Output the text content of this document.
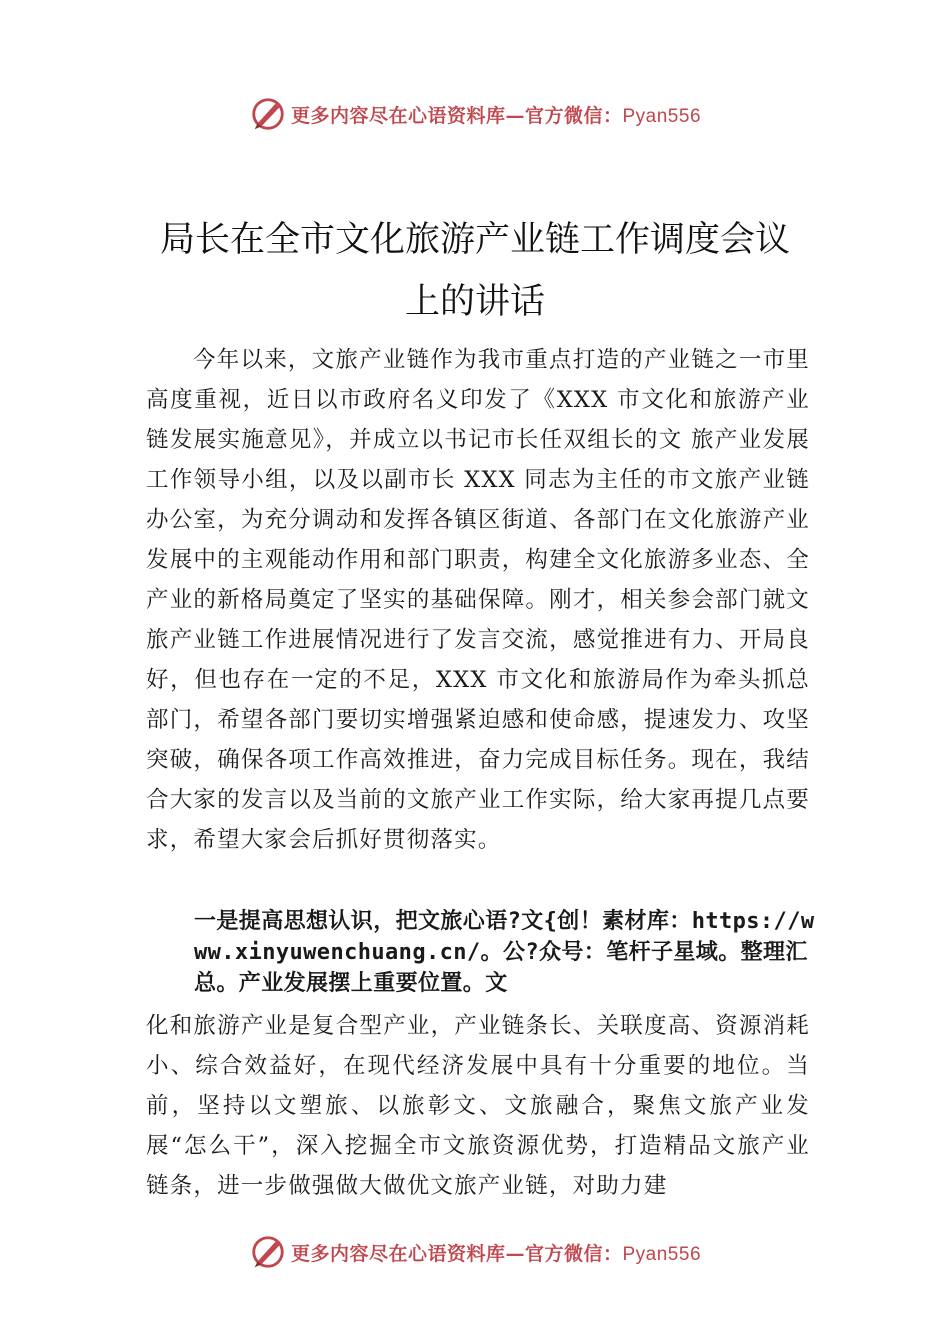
更多内容尽在心语资料库—官方微信：Pyan556
局长在全市文化旅游产业链工作调度会议
上的讲话

今年以来，文旅产业链作为我市重点打造的产业链之一市里高度重视，近日以市政府名义印发了《XXX 市文化和旅游产业链发展实施意见》，并成立以书记市长任双组长的文 旅产业发展工作领导小组，以及以副市长 XXX 同志为主任的市文旅产业链办公室，为充分调动和发挥各镇区街道、各部门在文化旅游产业发展中的主观能动作用和部门职责，构建全文化旅游多业态、全产业的新格局奠定了坚实的基础保障。刚才，相关参会部门就文旅产业链工作进展情况进行了发言交流，感觉推进有力、开局良好，但也存在一定的不足，XXX 市文化和旅游局作为牵头抓总部门，希望各部门要切实增强紧迫感和使命感，提速发力、攻坚突破，确保各项工作高效推进，奋力完成目标任务。现在，我结合大家的发言以及当前的文旅产业工作实际，给大家再提几点要求，希望大家会后抓好贯彻落实。

一是提高思想认识，把文旅心语?文{创！素材库：https://www.xinyuwenchuang.cn/。公?众号：笔杆子星域。整理汇总。产业发展摆上重要位置。文

化和旅游产业是复合型产业，产业链条长、关联度高、资源消耗小、综合效益好，在现代经济发展中具有十分重要的地位。当前，坚持以文塑旅、以旅彰文、文旅融合，聚焦文旅产业发展“怎么干”，深入挖掘全市文旅资源优势，打造精品文旅产业链条，进一步做强做大做优文旅产业链，对助力建

更多内容尽在心语资料库—官方微信：Pyan556
